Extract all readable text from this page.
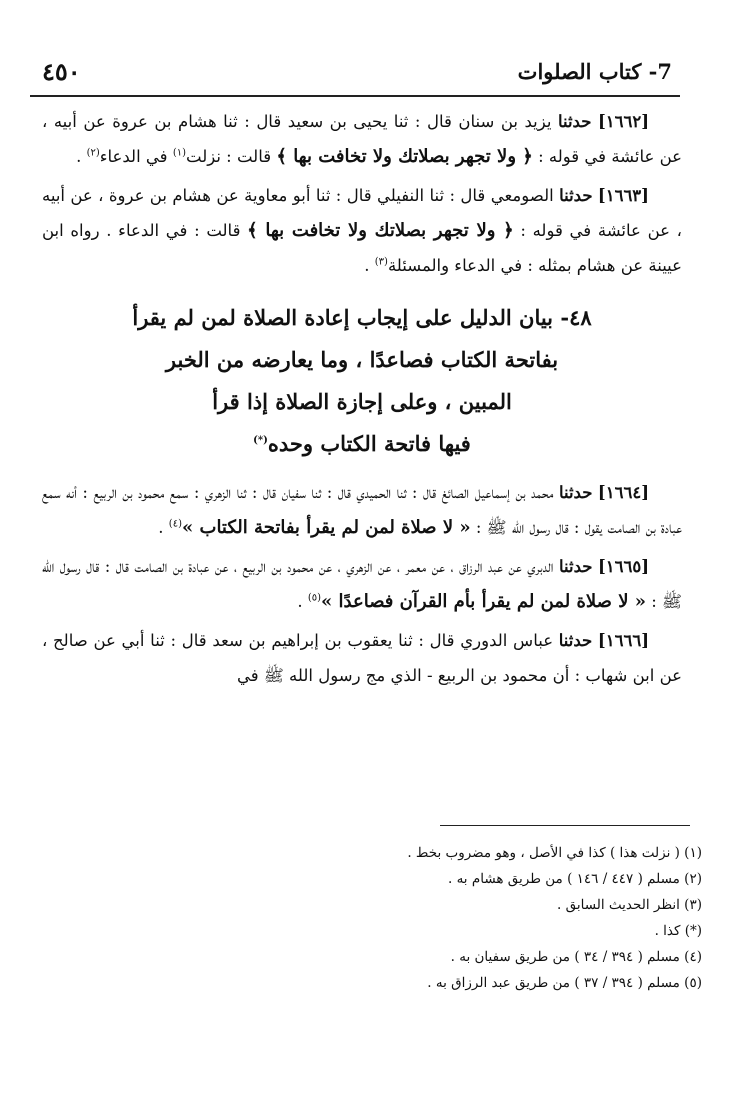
٤٥٠	7- كتاب الصلوات

[١٦٦٢] حدثنا يزيد بن سنان قال : ثنا يحيى بن سعيد قال : ثنا هشام بن عروة عن أبيه ، عن عائشة في قوله : ﴿ ولا تجهر بصلاتك ولا تخافت بها ﴾ قالت : نزلت$^{(١)}$ في الدعاء$^{(٢)}$ .

[١٦٦٣] حدثنا الصومعي قال : ثنا النفيلي قال : ثنا أبو معاوية عن هشام بن عروة ، عن أبيه ، عن عائشة في قوله : ﴿ ولا تجهر بصلاتك ولا تخافت بها ﴾ قالت : في الدعاء . رواه ابن عيينة عن هشام بمثله : في الدعاء والمسئلة$^{(٣)}$ .

٤٨- بيان الدليل على إيجاب إعادة الصلاة لمن لم يقرأ
بفاتحة الكتاب فصاعدًا ، وما يعارضه من الخبر
المبين ، وعلى إجازة الصلاة إذا قرأ
فيها فاتحة الكتاب وحده(*)

[١٦٦٤] حدثنا محمد بن إسماعيل الصائغ قال : ثنا الحميدي قال : ثنا سفيان قال : ثنا الزهري : سمع محمود بن الربيع : أنه سمع عبادة بن الصامت يقول : قال رسول الله ﷺ : « لا صلاة لمن لم يقرأ بفاتحة الكتاب »$^{(٤)}$ .

[١٦٦٥] حدثنا الدبري عن عبد الرزاق ، عن معمر ، عن الزهري ، عن محمود بن الربيع ، عن عبادة بن الصامت قال : قال رسول الله ﷺ : « لا صلاة لمن لم يقرأ بأم القرآن فصاعدًا »$^{(٥)}$ .

[١٦٦٦] حدثنا عباس الدوري قال : ثنا يعقوب بن إبراهيم بن سعد قال : ثنا أبي عن صالح ، عن ابن شهاب : أن محمود بن الربيع - الذي مج رسول الله ﷺ في

(١) ( نزلت هذا ) كذا في الأصل ، وهو مضروب بخط .
(٢) مسلم ( ٤٤٧ / ١٤٦ ) من طريق هشام به .
(٣) انظر الحديث السابق .
(*) كذا .
(٤) مسلم ( ٣٩٤ / ٣٤ ) من طريق سفيان به .
(٥) مسلم ( ٣٩٤ / ٣٧ ) من طريق عبد الرزاق به .
